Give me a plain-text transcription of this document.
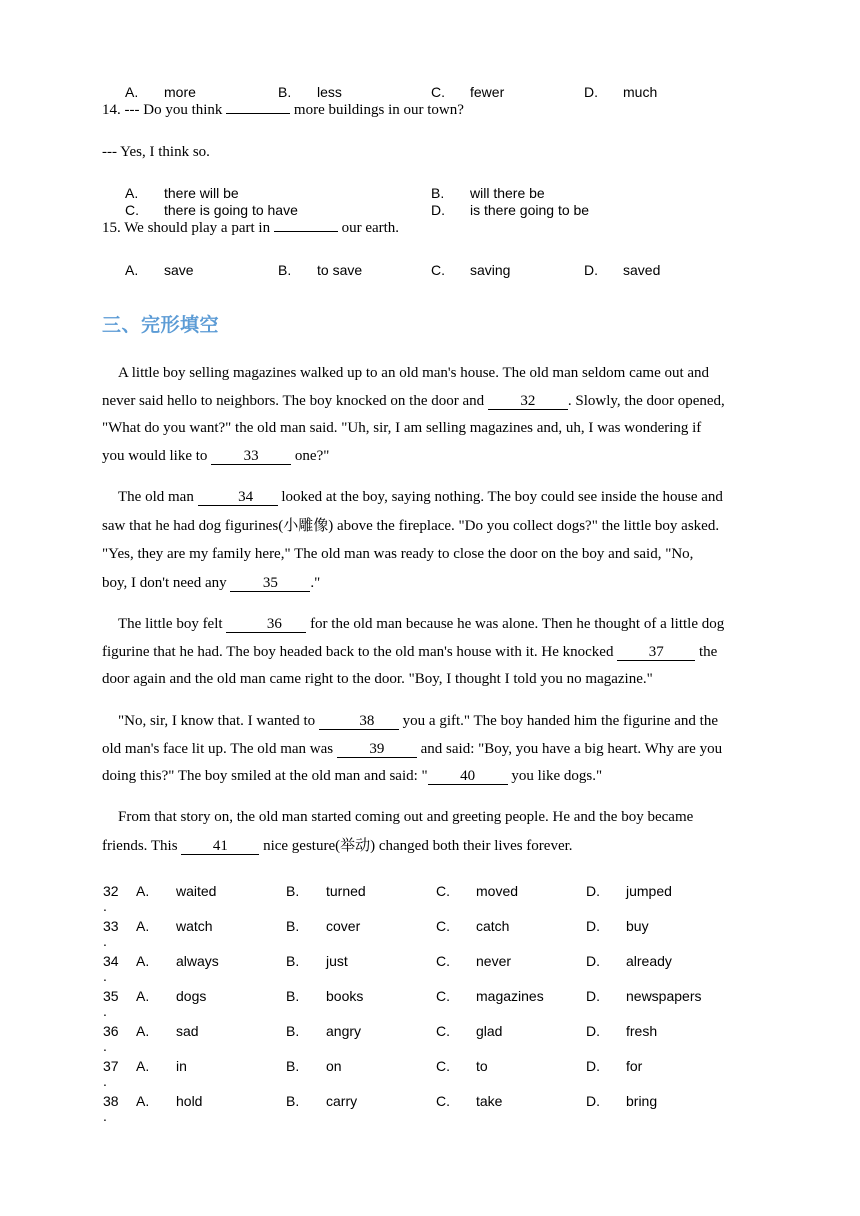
A. more	B. less	C. fewer	D. much
14. --- Do you think	more buildings in our town?
--- Yes, I think so.
A. there will be	B. will there be
C. there is going to have	D. is there going to be
15. We should play a part in	our earth.
A. save	B. to save	C. saving	D. saved
三、完形填空
A little boy selling magazines walked up to an old man's house. The old man seldom came out and
never said hello to neighbors. The boy knocked on the door and 32 . Slowly, the door opened,
"What do you want?" the old man said. "Uh, sir, I am selling magazines and, uh, I was wondering if
you would like to 33 one?"
The old man	34 looked at the boy, saying nothing. The boy could see inside the house and
saw that he had dog figurines(小雕像) above the fireplace. "Do you collect dogs?" the little boy asked.
"Yes, they are my family here," The old man was ready to close the door on the boy and said, "No,
boy, I don't need any 35 ."
The little boy felt	36 for the old man because he was alone. Then he thought of a little dog
figurine that he had. The boy headed back to the old man's house with it. He knocked 37 the
door again and the old man came right to the door. "Boy, I thought I told you no magazine."
"No, sir, I know that. I wanted to	38 you a gift." The boy handed him the figurine and the
old man's face lit up. The old man was 39 and said: "Boy, you have a big heart. Why are you
doing this?" The boy smiled at the old man and said: " 40 you like dogs."
From that story on, the old man started coming out and greeting people. He and the boy became
friends. This 41 nice gesture(举动) changed both their lives forever.
32
.
A. waited	B. turned	C. moved	D. jumped
33
.
A. watch	B. cover	C. catch	D. buy
34
.
A. always	B. just	C. never	D. already
35
.
A. dogs	B. books	C. magazines	D. newspapers
36
.
A. sad	B. angry	C. glad	D. fresh
37
.
A. in	B. on	C. to	D. for
38
.
A. hold	B. carry	C. take	D. bring
